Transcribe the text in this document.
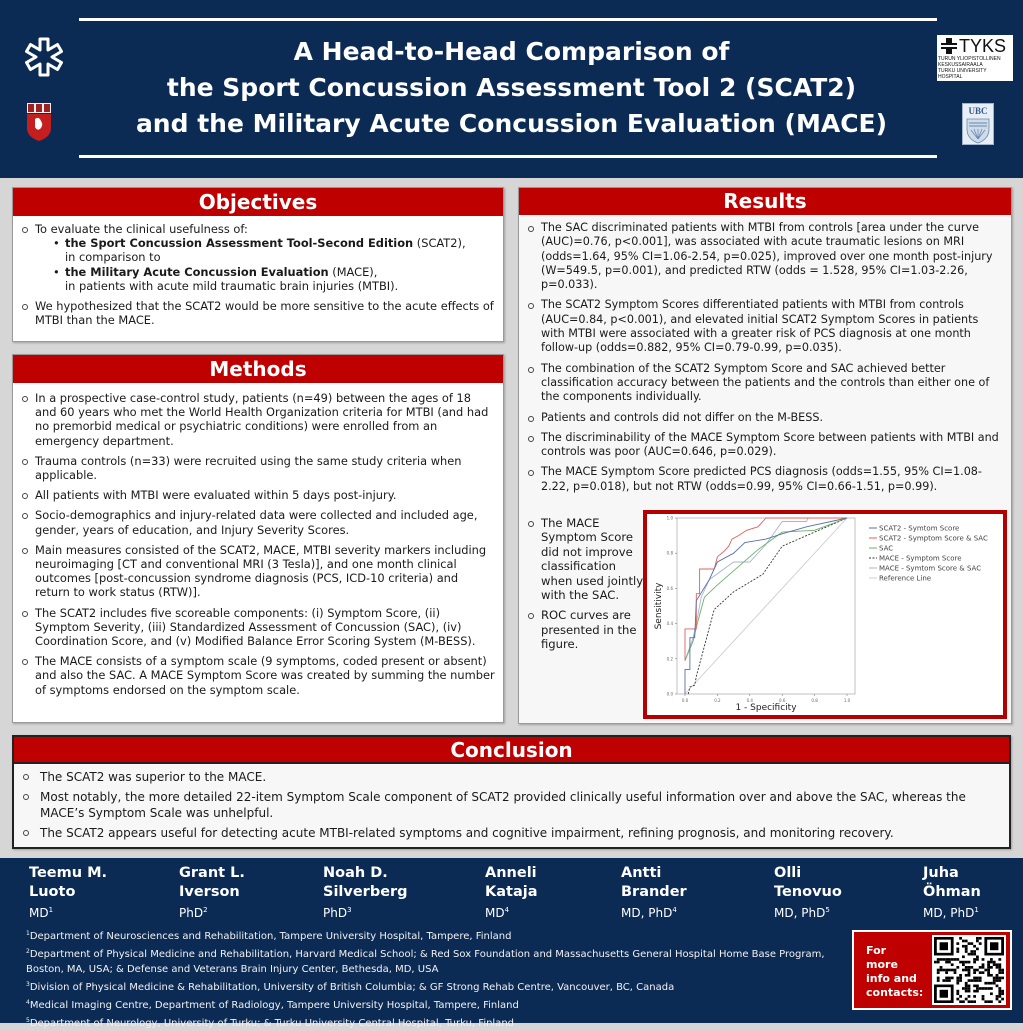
A Head-to-Head Comparison of
the Sport Concussion Assessment Tool 2 (SCAT2)
and the Military Acute Concussion Evaluation (MACE)
TYKS
TURUN YLIOPISTOLLINEN
KESKUSSAIRAALA
TURKU UNIVERSITY
HOSPITAL
UBC
Objectives
To evaluate the clinical usefulness of:
• the Sport Concussion Assessment Tool-Second Edition (SCAT2),
in comparison to
• the Military Acute Concussion Evaluation (MACE),
in patients with acute mild traumatic brain injuries (MTBI).
We hypothesized that the SCAT2 would be more sensitive to the acute effects of MTBI than the MACE.
Methods
In a prospective case-control study, patients (n=49) between the ages of 18 and 60 years who met the World Health Organization criteria for MTBI (and had no premorbid medical or psychiatric conditions) were enrolled from an emergency department.
Trauma controls (n=33) were recruited using the same study criteria when applicable.
All patients with MTBI were evaluated within 5 days post-injury.
Socio-demographics and injury-related data were collected and included age, gender, years of education, and Injury Severity Scores.
Main measures consisted of the SCAT2, MACE, MTBI severity markers including neuroimaging [CT and conventional MRI (3 Tesla)], and one month clinical outcomes [post-concussion syndrome diagnosis (PCS, ICD-10 criteria) and return to work status (RTW)].
The SCAT2 includes five scoreable components: (i) Symptom Score, (ii) Symptom Severity, (iii) Standardized Assessment of Concussion (SAC), (iv) Coordination Score, and (v) Modified Balance Error Scoring System (M-BESS).
The MACE consists of a symptom scale (9 symptoms, coded present or absent) and also the SAC. A MACE Symptom Score was created by summing the number of symptoms endorsed on the symptom scale.
Results
The SAC discriminated patients with MTBI from controls [area under the curve (AUC)=0.76, p<0.001], was associated with acute traumatic lesions on MRI (odds=1.64, 95% CI=1.06-2.54, p=0.025), improved over one month post-injury (W=549.5, p=0.001), and predicted RTW (odds = 1.528, 95% CI=1.03-2.26, p=0.033).
The SCAT2 Symptom Scores differentiated patients with MTBI from controls (AUC=0.84, p<0.001), and elevated initial SCAT2 Symptom Scores in patients with MTBI were associated with a greater risk of PCS diagnosis at one month follow-up (odds=0.882, 95% CI=0.79-0.99, p=0.035).
The combination of the SCAT2 Symptom Score and SAC achieved better classification accuracy between the patients and the controls than either one of the components individually.
Patients and controls did not differ on the M-BESS.
The discriminability of the MACE Symptom Score between patients with MTBI and controls was poor (AUC=0.646, p=0.029).
The MACE Symptom Score predicted PCS diagnosis (odds=1.55, 95% CI=1.08-2.22, p=0.018), but not RTW (odds=0.99, 95% CI=0.66-1.51, p=0.99).
The MACE Symptom Score did not improve classification when used jointly with the SAC.
ROC curves are presented in the figure.
0.0	0.2	0.4	0.6	0.8	1.0
0.0
0.2
0.4
0.6
0.8
1.0
1 - Specificity
Sensitivity
SCAT2 - Symtom Score
SCAT2 - Symptom Score & SAC
SAC
MACE - Symptom Score
MACE - Symtom Score & SAC
Reference Line
Conclusion
The SCAT2 was superior to the MACE.
Most notably, the more detailed 22-item Symptom Scale component of SCAT2 provided clinically useful information over and above the SAC, whereas the MACE’s Symptom Scale was unhelpful.
The SCAT2 appears useful for detecting acute MTBI-related symptoms and cognitive impairment, refining prognosis, and monitoring recovery.
Teemu M.
Luoto
$MD^1$
Grant L.
Iverson
PhD$^2$
Noah D.
Silverberg
PhD$^3$
Anneli
Kataja
$MD^4$
Antti
Brander
MD, PhD$^4$
Olli
Tenovuo
MD, PhD$^5$
Juha
Öhman
MD, PhD$^1$
$^1$Department of Neurosciences and Rehabilitation, Tampere University Hospital, Tampere, Finland
$^2$Department of Physical Medicine and Rehabilitation, Harvard Medical School; & Red Sox Foundation and Massachusetts General Hospital Home Base Program, Boston, MA, USA; & Defense and Veterans Brain Injury Center, Bethesda, MD, USA
$^3$Division of Physical Medicine & Rehabilitation, University of British Columbia; & GF Strong Rehab Centre, Vancouver, BC, Canada
$^4$Medical Imaging Centre, Department of Radiology, Tampere University Hospital, Tampere, Finland
$^5$Department of Neurology, University of Turku; & Turku University Central Hospital, Turku, Finland
For
more
info and
contacts:
